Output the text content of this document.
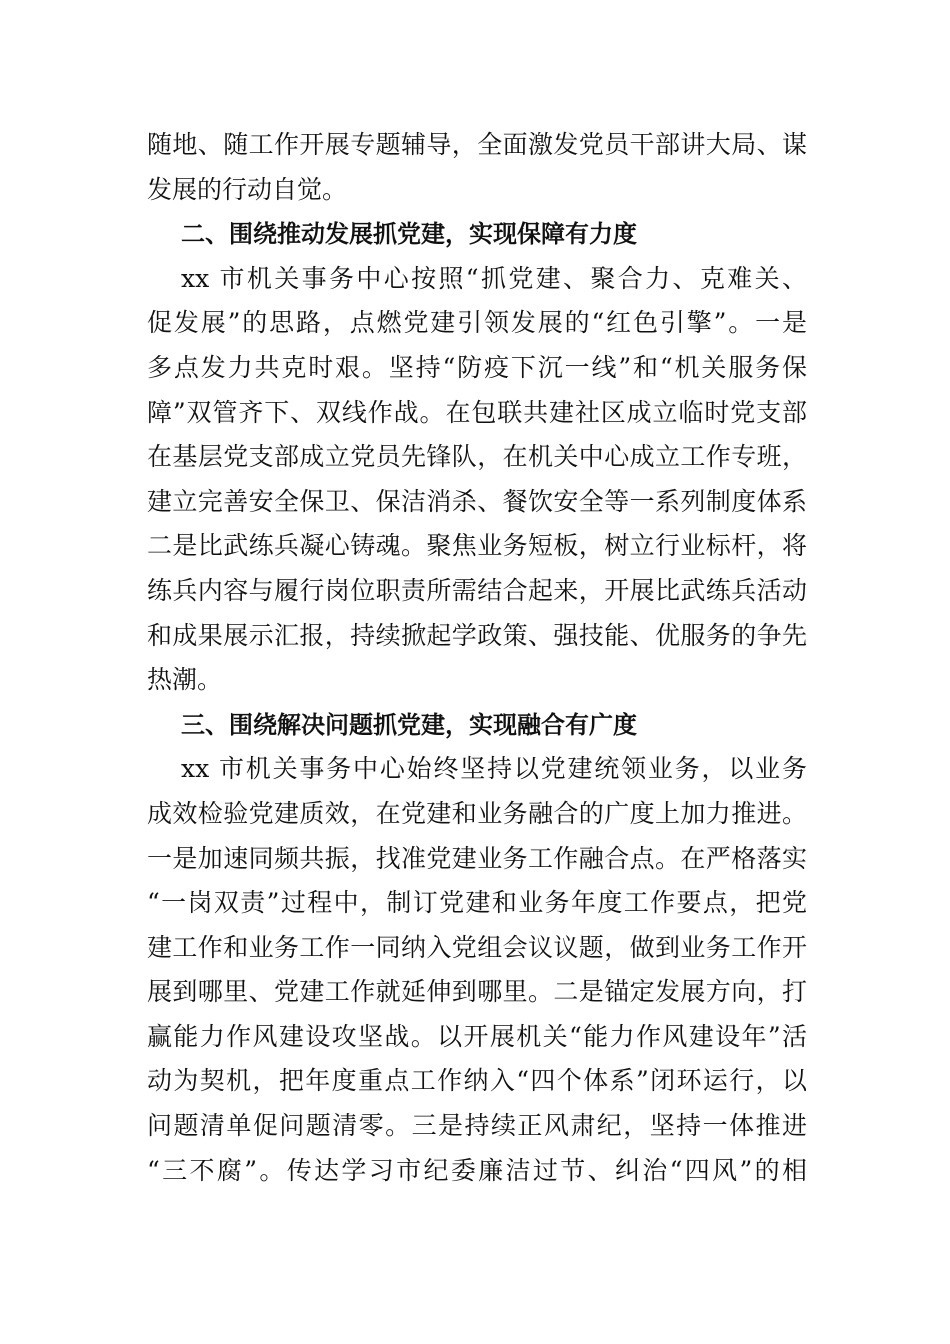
随地、随工作开展专题辅导，全面激发党员干部讲大局、谋
发展的行动自觉。
二、围绕推动发展抓党建，实现保障有力度
xx 市机关事务中心按照“抓党建、聚合力、克难关、
促发展”的思路，点燃党建引领发展的“红色引擎”。一是
多点发力共克时艰。坚持“防疫下沉一线”和“机关服务保
障”双管齐下、双线作战。在包联共建社区成立临时党支部
在基层党支部成立党员先锋队，在机关中心成立工作专班，
建立完善安全保卫、保洁消杀、餐饮安全等一系列制度体系
二是比武练兵凝心铸魂。聚焦业务短板，树立行业标杆，将
练兵内容与履行岗位职责所需结合起来，开展比武练兵活动
和成果展示汇报，持续掀起学政策、强技能、优服务的争先
热潮。
三、围绕解决问题抓党建，实现融合有广度
xx 市机关事务中心始终坚持以党建统领业务，以业务
成效检验党建质效，在党建和业务融合的广度上加力推进。
一是加速同频共振，找准党建业务工作融合点。在严格落实
“一岗双责”过程中，制订党建和业务年度工作要点，把党
建工作和业务工作一同纳入党组会议议题，做到业务工作开
展到哪里、党建工作就延伸到哪里。二是锚定发展方向，打
赢能力作风建设攻坚战。以开展机关“能力作风建设年”活
动为契机，把年度重点工作纳入“四个体系”闭环运行，以
问题清单促问题清零。三是持续正风肃纪，坚持一体推进
“三不腐”。传达学习市纪委廉洁过节、纠治“四风”的相
